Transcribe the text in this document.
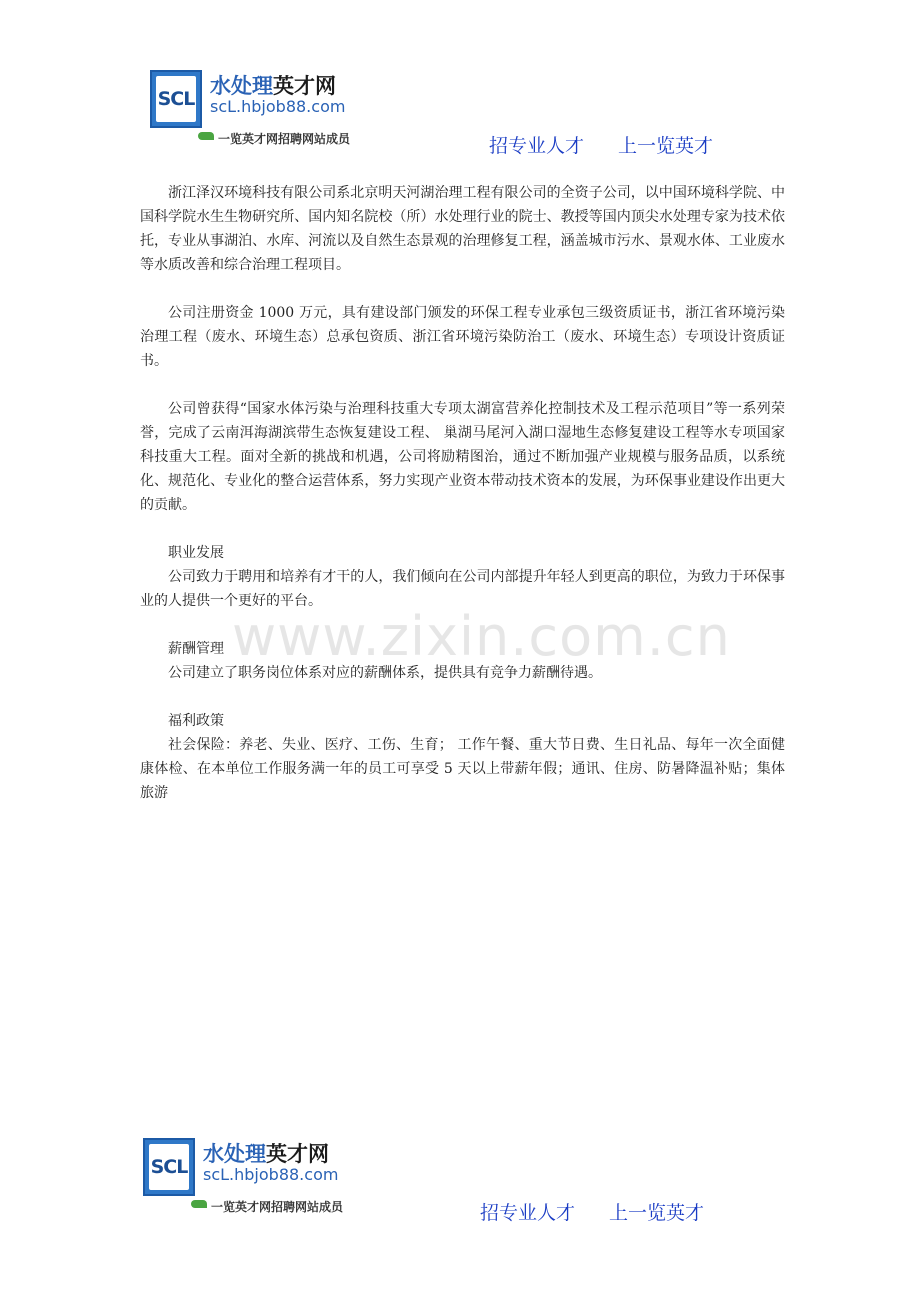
SCL
水处理英才网
scL.hbjob88.com
一览英才网招聘网站成员	招专业人才 上一览英才
www.zixin.com.cn

浙江泽汉环境科技有限公司系北京明天河湖治理工程有限公司的全资子公司，以中国环境科学院、中国科学院水生生物研究所、国内知名院校（所）水处理行业的院士、教授等国内顶尖水处理专家为技术依托，专业从事湖泊、水库、河流以及自然生态景观的治理修复工程，涵盖城市污水、景观水体、工业废水等水质改善和综合治理工程项目。

公司注册资金 1000 万元，具有建设部门颁发的环保工程专业承包三级资质证书，浙江省环境污染治理工程（废水、环境生态）总承包资质、浙江省环境污染防治工（废水、环境生态）专项设计资质证书。

公司曾获得“国家水体污染与治理科技重大专项太湖富营养化控制技术及工程示范项目”等一系列荣誉，完成了云南洱海湖滨带生态恢复建设工程、 巢湖马尾河入湖口湿地生态修复建设工程等水专项国家科技重大工程。面对全新的挑战和机遇，公司将励精图治，通过不断加强产业规模与服务品质，以系统化、规范化、专业化的整合运营体系，努力实现产业资本带动技术资本的发展，为环保事业建设作出更大的贡献。

职业发展
公司致力于聘用和培养有才干的人，我们倾向在公司内部提升年轻人到更高的职位，为致力于环保事业的人提供一个更好的平台。
薪酬管理
公司建立了职务岗位体系对应的薪酬体系，提供具有竞争力薪酬待遇。
福利政策
社会保险：养老、失业、医疗、工伤、生育； 工作午餐、重大节日费、生日礼品、每年一次全面健康体检、在本单位工作服务满一年的员工可享受 5 天以上带薪年假；通讯、住房、防暑降温补贴；集体旅游
SCL
水处理英才网
scL.hbjob88.com
一览英才网招聘网站成员	招专业人才 上一览英才
